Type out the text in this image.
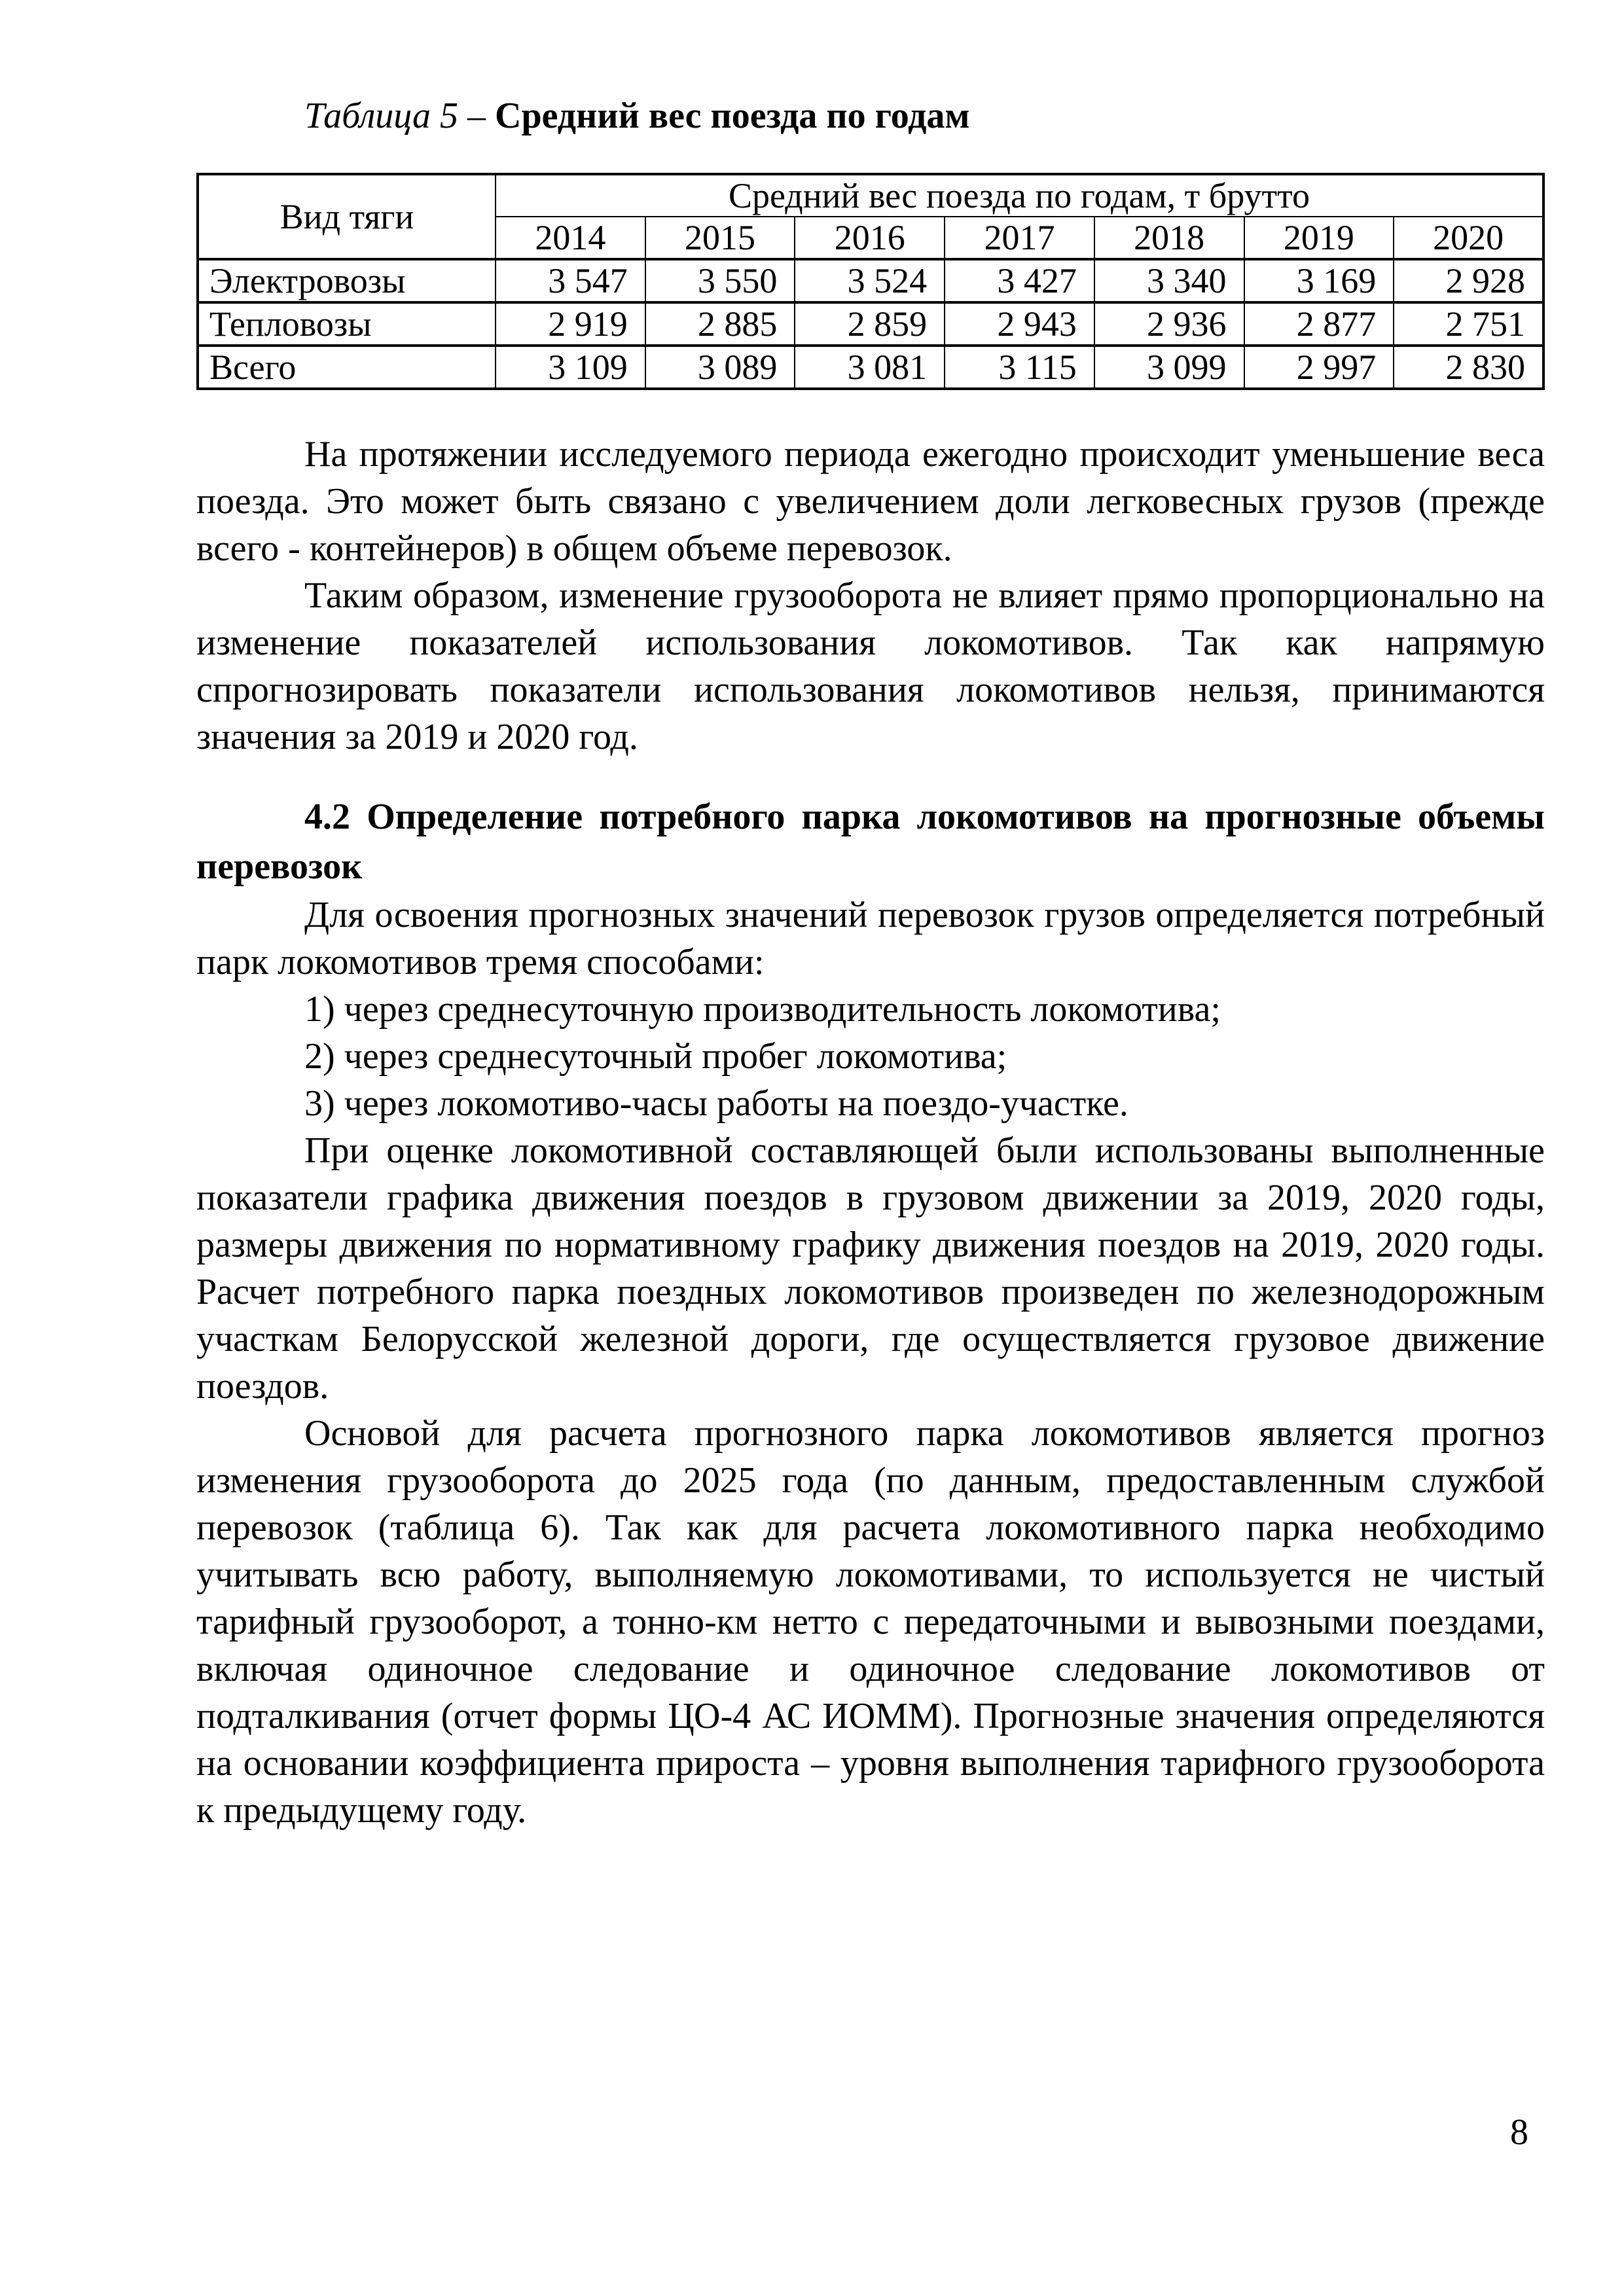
Таблица 5 – Средний вес поезда по годам

Вид тяги	Средний вес поезда по годам, т брутто						
	2014	2015	2016	2017	2018	2019	2020
Электровозы	3 547	3 550	3 524	3 427	3 340	3 169	2 928
Тепловозы	2 919	2 885	2 859	2 943	2 936	2 877	2 751
Всего	3 109	3 089	3 081	3 115	3 099	2 997	2 830

На протяжении исследуемого периода ежегодно происходит уменьшение веса поезда. Это может быть связано с увеличением доли легковесных грузов (прежде всего - контейнеров) в общем объеме перевозок.

Таким образом, изменение грузооборота не влияет прямо пропорционально на изменение показателей использования локомотивов. Так как напрямую спрогнозировать показатели использования локомотивов нельзя, принимаются значения за 2019 и 2020 год.

4.2 Определение потребного парка локомотивов на прогнозные объемы перевозок

Для освоения прогнозных значений перевозок грузов определяется потребный парк локомотивов тремя способами:

1) через среднесуточную производительность локомотива;

2) через среднесуточный пробег локомотива;

3) через локомотиво-часы работы на поездо-участке.

При оценке локомотивной составляющей были использованы выполненные показатели графика движения поездов в грузовом движении за 2019, 2020 годы, размеры движения по нормативному графику движения поездов на 2019, 2020 годы. Расчет потребного парка поездных локомотивов произведен по железнодорожным участкам Белорусской железной дороги, где осуществляется грузовое движение поездов.

Основой для расчета прогнозного парка локомотивов является прогноз изменения грузооборота до 2025 года (по данным, предоставленным службой перевозок (таблица 6). Так как для расчета локомотивного парка необходимо учитывать всю работу, выполняемую локомотивами, то используется не чистый тарифный грузооборот, а тонно-км нетто с передаточными и вывозными поездами, включая одиночное следование и одиночное следование локомотивов от подталкивания (отчет формы ЦО-4 АС ИОММ). Прогнозные значения определяются на основании коэффициента прироста – уровня выполнения тарифного грузооборота к предыдущему году.

8
